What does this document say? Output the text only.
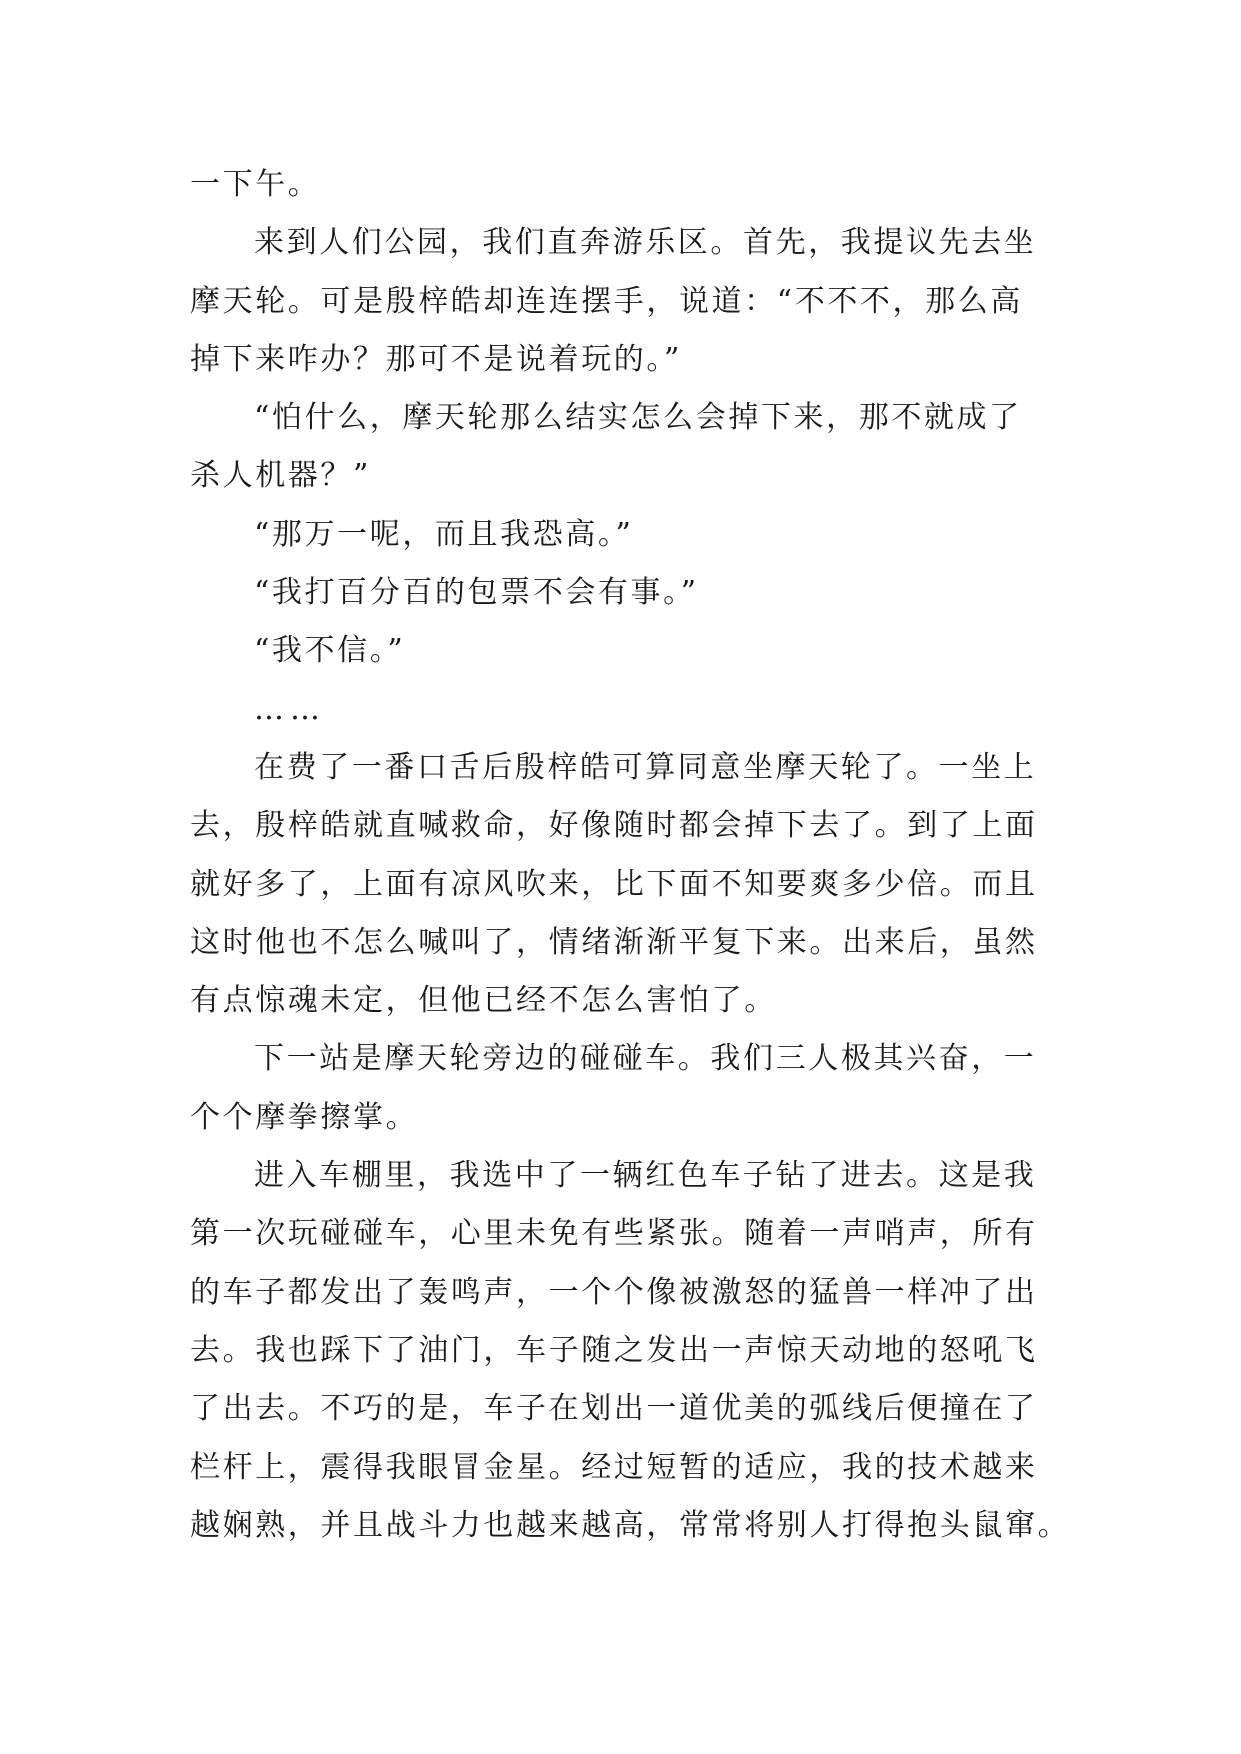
一下午。
来到人们公园，我们直奔游乐区。首先，我提议先去坐
摩天轮。可是殷梓皓却连连摆手，说道：“不不不，那么高
掉下来咋办？那可不是说着玩的。”
“怕什么，摩天轮那么结实怎么会掉下来，那不就成了
杀人机器？”
“那万一呢，而且我恐高。”
“我打百分百的包票不会有事。”
“我不信。”
……
在费了一番口舌后殷梓皓可算同意坐摩天轮了。一坐上
去，殷梓皓就直喊救命，好像随时都会掉下去了。到了上面
就好多了，上面有凉风吹来，比下面不知要爽多少倍。而且
这时他也不怎么喊叫了，情绪渐渐平复下来。出来后，虽然
有点惊魂未定，但他已经不怎么害怕了。
下一站是摩天轮旁边的碰碰车。我们三人极其兴奋，一
个个摩拳擦掌。
进入车棚里，我选中了一辆红色车子钻了进去。这是我
第一次玩碰碰车，心里未免有些紧张。随着一声哨声，所有
的车子都发出了轰鸣声，一个个像被激怒的猛兽一样冲了出
去。我也踩下了油门，车子随之发出一声惊天动地的怒吼飞
了出去。不巧的是，车子在划出一道优美的弧线后便撞在了
栏杆上，震得我眼冒金星。经过短暂的适应，我的技术越来
越娴熟，并且战斗力也越来越高，常常将别人打得抱头鼠窜。
